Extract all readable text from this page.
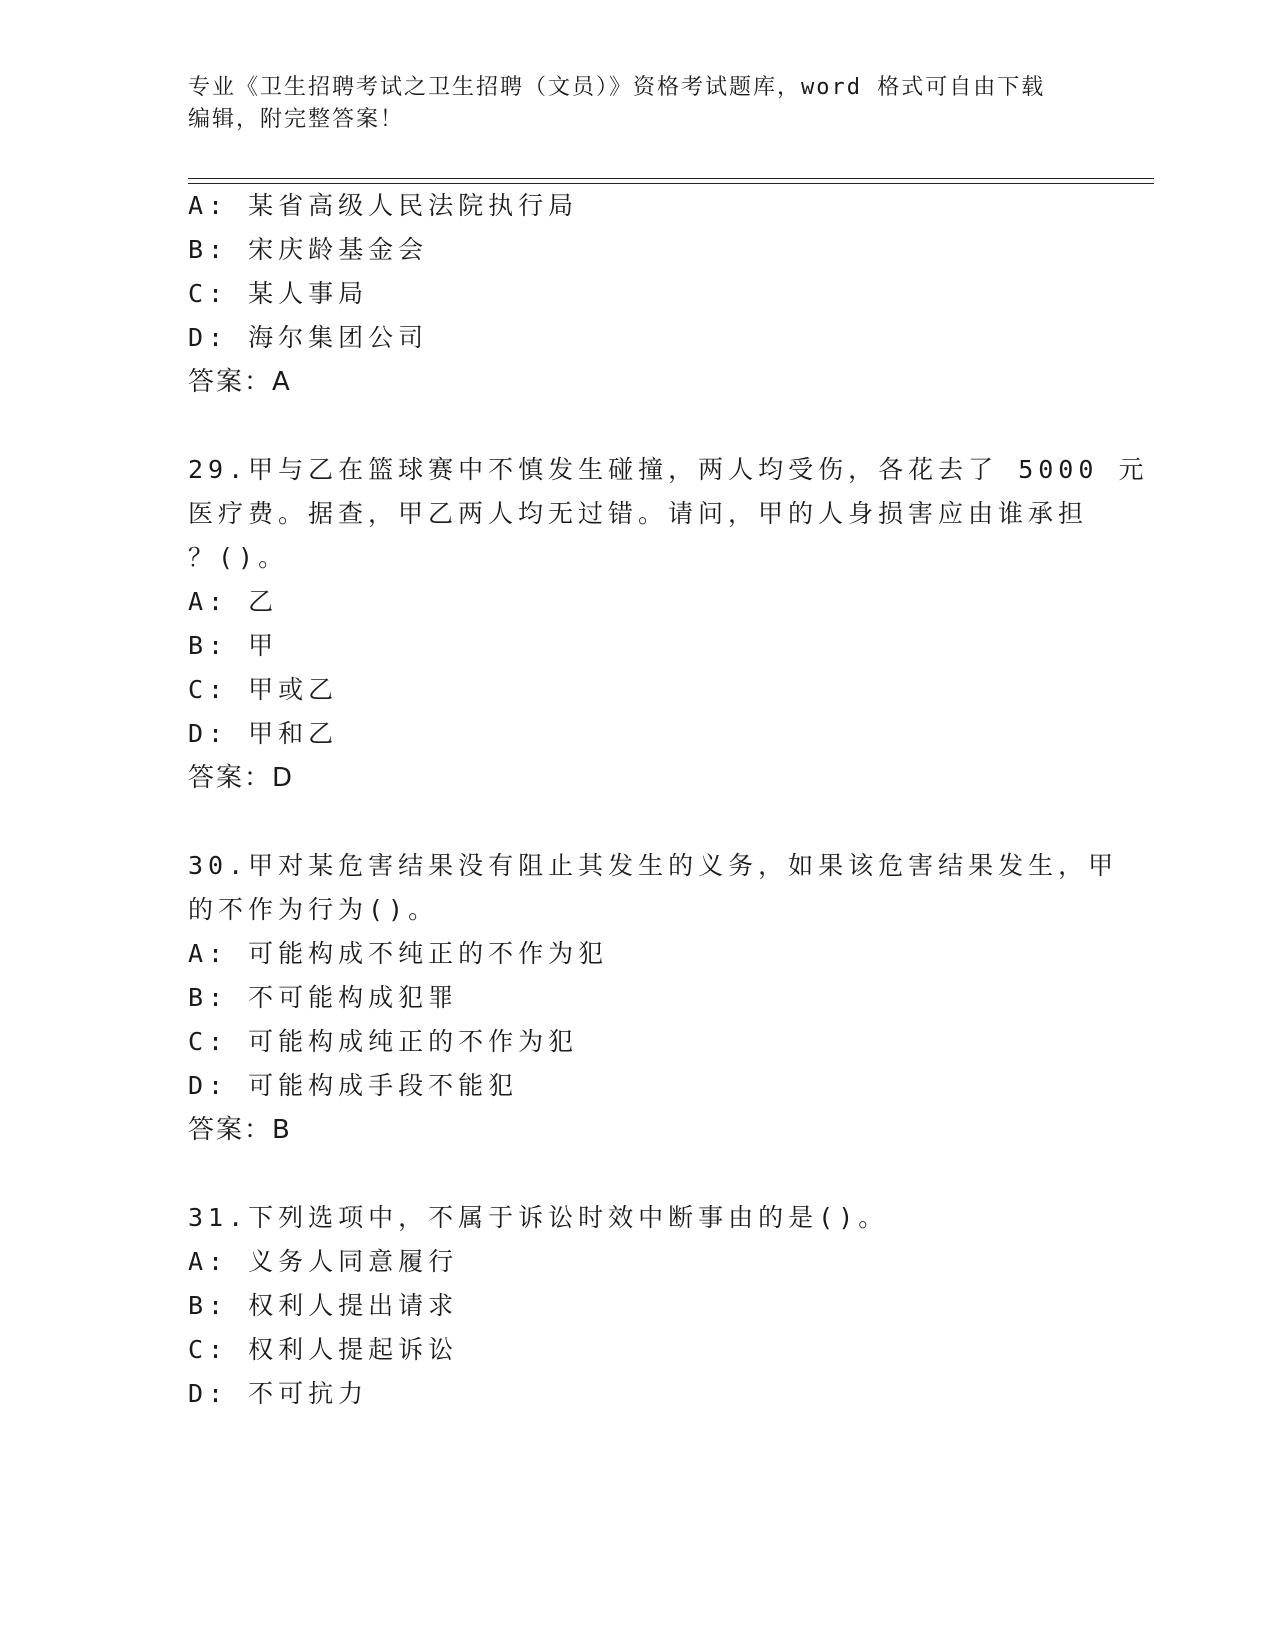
专业《卫生招聘考试之卫生招聘（文员）》资格考试题库，word 格式可自由下载
编辑，附完整答案！
A: 某省高级人民法院执行局
B: 宋庆龄基金会
C: 某人事局
D: 海尔集团公司
答案：A
29.甲与乙在篮球赛中不慎发生碰撞，两人均受伤，各花去了 5000 元
医疗费。据查，甲乙两人均无过错。请问，甲的人身损害应由谁承担
？()。
A: 乙
B: 甲
C: 甲或乙
D: 甲和乙
答案：D
30.甲对某危害结果没有阻止其发生的义务，如果该危害结果发生，甲
的不作为行为()。
A: 可能构成不纯正的不作为犯
B: 不可能构成犯罪
C: 可能构成纯正的不作为犯
D: 可能构成手段不能犯
答案：B
31.下列选项中，不属于诉讼时效中断事由的是()。
A: 义务人同意履行
B: 权利人提出请求
C: 权利人提起诉讼
D: 不可抗力
